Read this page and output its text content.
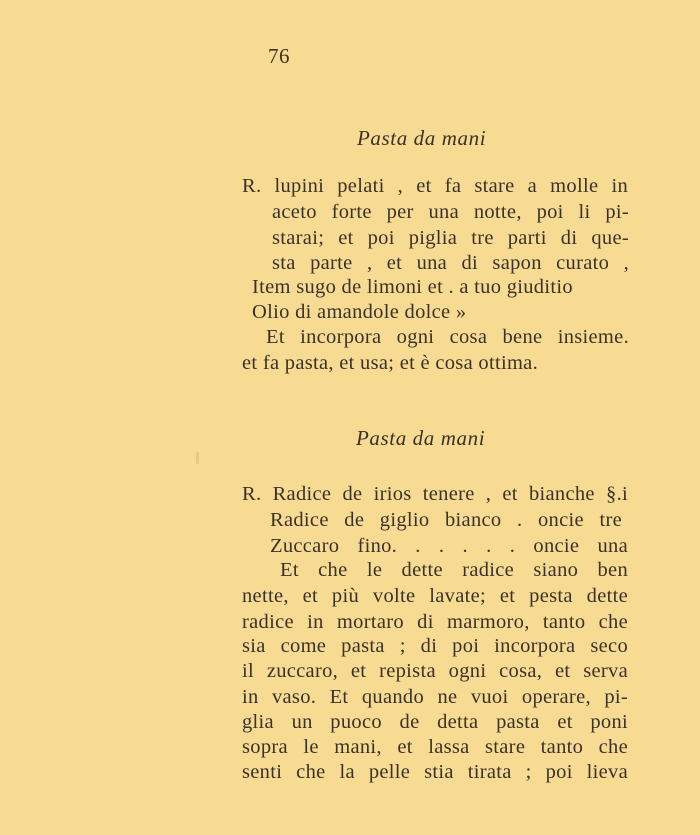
76
Pasta da mani
R. lupini pelati , et fa stare a molle in
aceto forte per una notte, poi li pi-
starai; et poi piglia tre parti di que-
sta parte , et una di sapon curato ,
Item sugo de limoni et . a tuo giuditio
Olio di amandole dolce »
Et incorpora ogni cosa bene insieme.
et fa pasta, et usa; et è cosa ottima.
Pasta da mani
R. Radice de irios tenere , et bianche §.i
Radice de giglio bianco . oncie tre
Zuccaro fino. . . . . . oncie una
Et che le dette radice siano ben
nette, et più volte lavate; et pesta dette
radice in mortaro di marmoro, tanto che
sia come pasta ; di poi incorpora seco
il zuccaro, et repista ogni cosa, et serva
in vaso. Et quando ne vuoi operare, pi-
glia un puoco de detta pasta et poni
sopra le mani, et lassa stare tanto che
senti che la pelle stia tirata ; poi lieva
